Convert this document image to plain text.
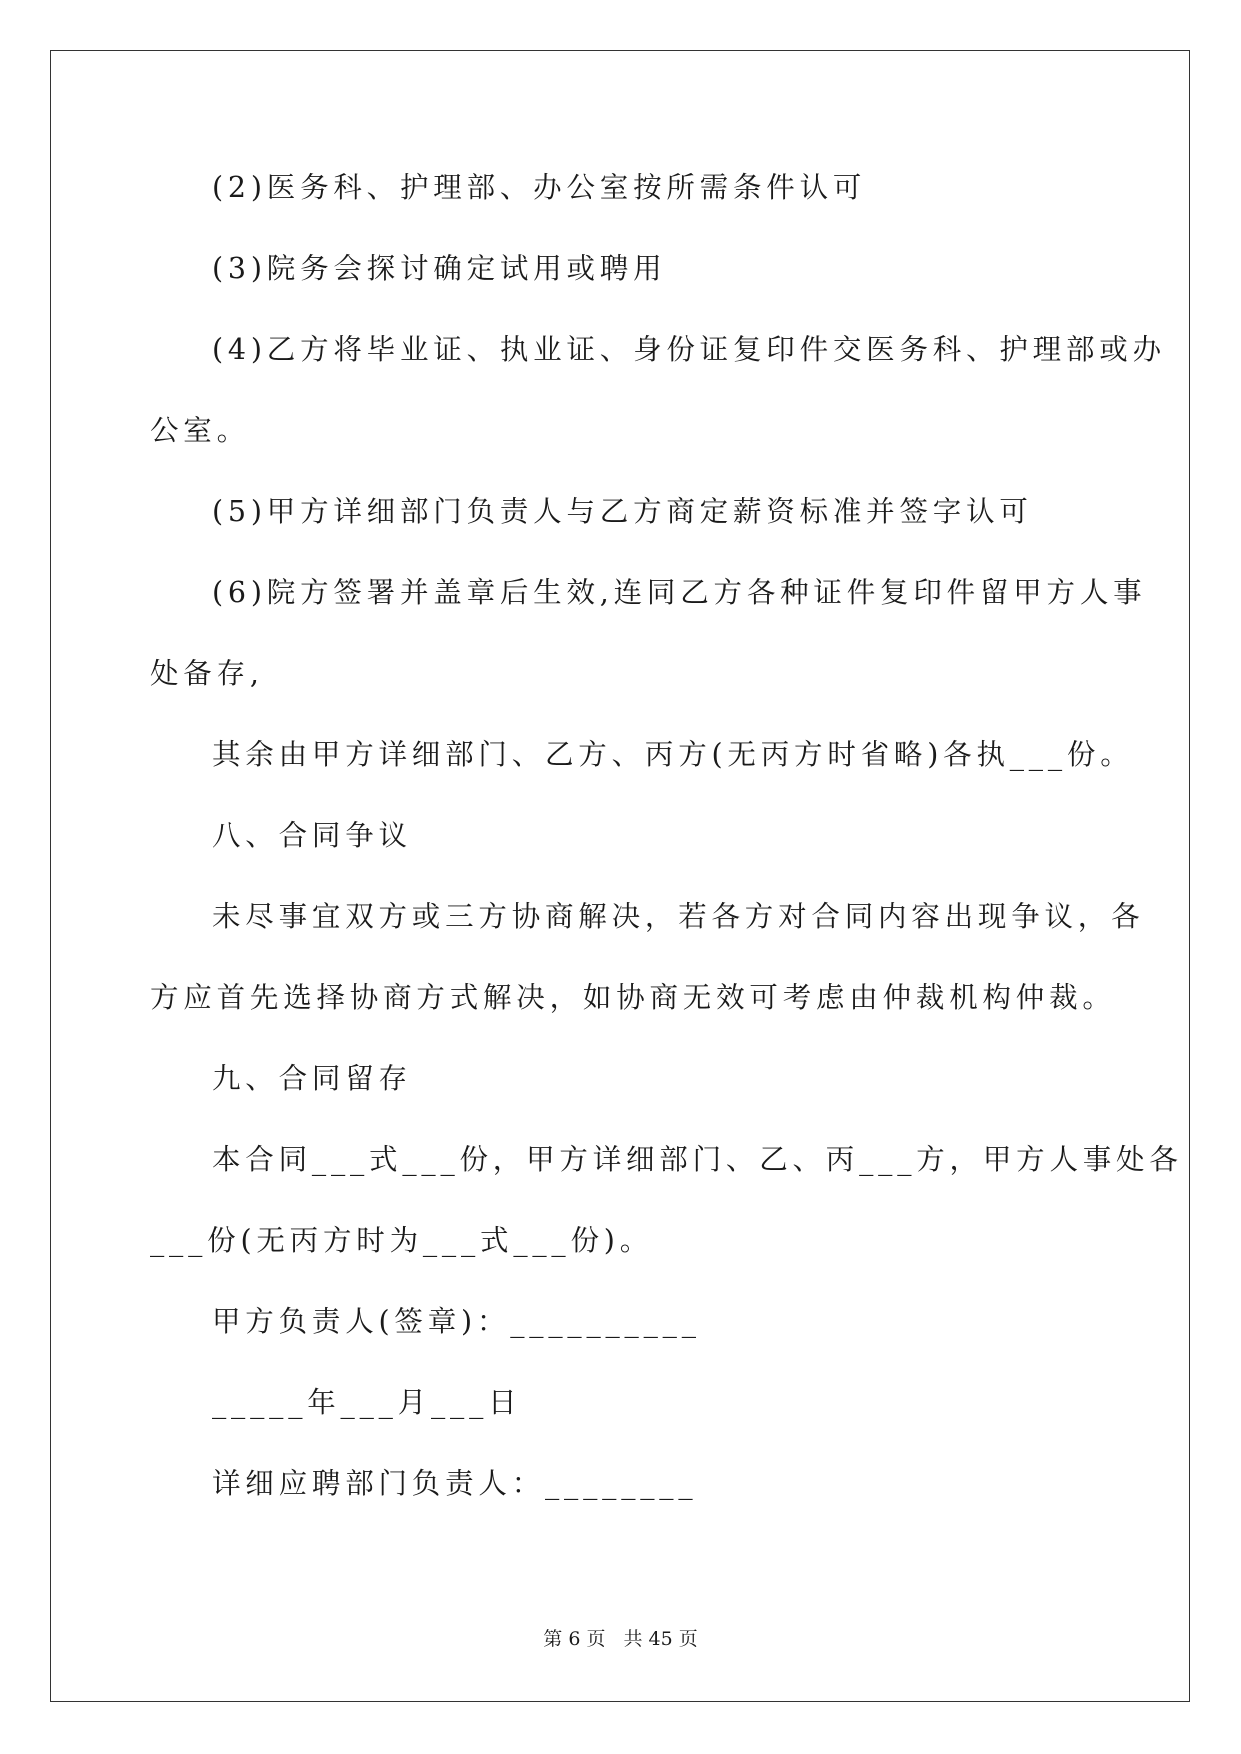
(2)医务科、护理部、办公室按所需条件认可
(3)院务会探讨确定试用或聘用
(4)乙方将毕业证、执业证、身份证复印件交医务科、护理部或办
公室。
(5)甲方详细部门负责人与乙方商定薪资标准并签字认可
(6)院方签署并盖章后生效,连同乙方各种证件复印件留甲方人事
处备存,
其余由甲方详细部门、乙方、丙方(无丙方时省略)各执___份。
八、合同争议
未尽事宜双方或三方协商解决，若各方对合同内容出现争议，各
方应首先选择协商方式解决，如协商无效可考虑由仲裁机构仲裁。
九、合同留存
本合同___式___份，甲方详细部门、乙、丙___方，甲方人事处各
___份(无丙方时为___式___份)。
甲方负责人(签章)：__________
_____年___月___日
详细应聘部门负责人：________
第 6 页 共 45 页
